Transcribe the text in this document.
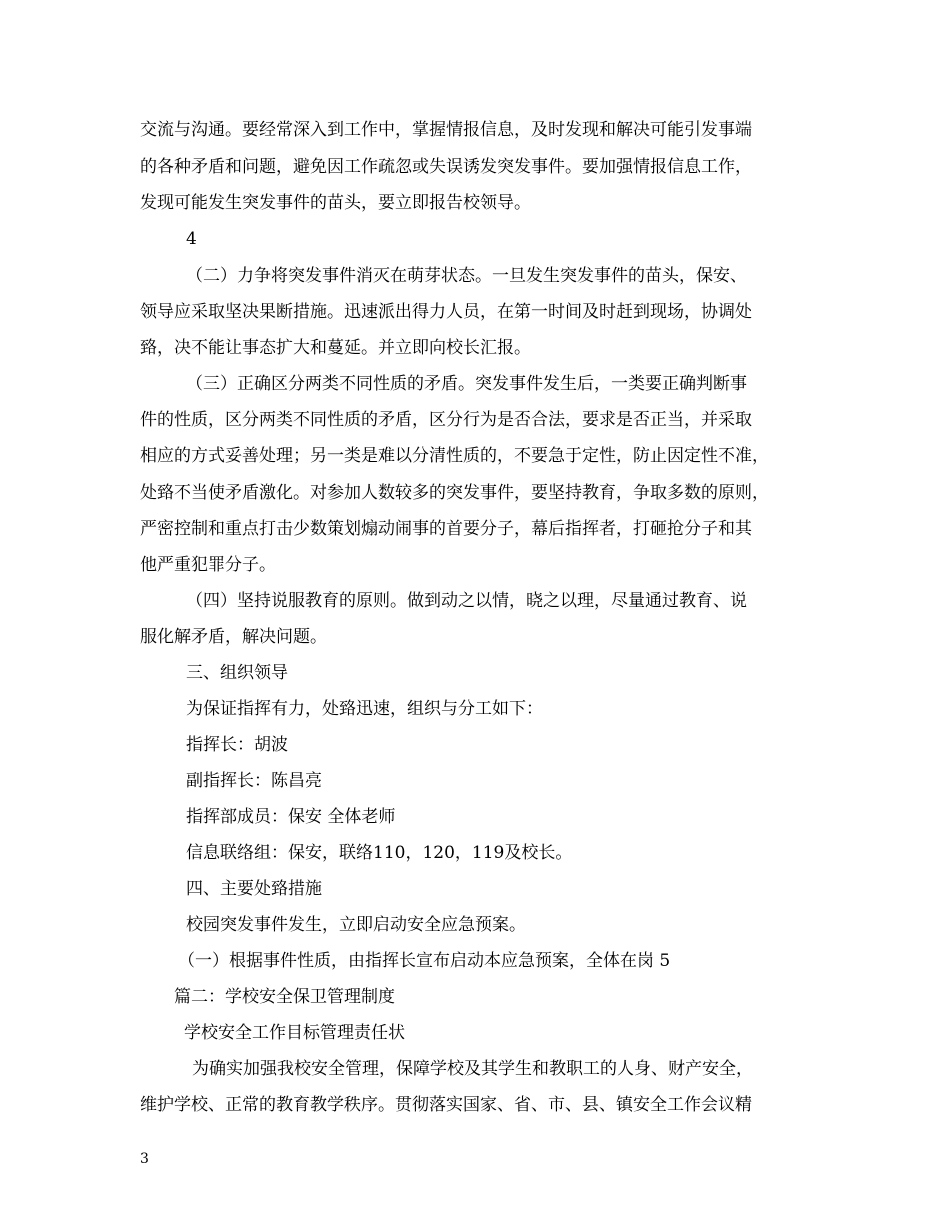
交流与沟通。要经常深入到工作中，掌握情报信息，及时发现和解决可能引发事端
的各种矛盾和问题，避免因工作疏忽或失误诱发突发事件。要加强情报信息工作，
发现可能发生突发事件的苗头，要立即报告校领导。
4
（二）力争将突发事件消灭在萌芽状态。一旦发生突发事件的苗头，保安、
领导应采取坚决果断措施。迅速派出得力人员，在第一时间及时赶到现场，协调处
臵，决不能让事态扩大和蔓延。并立即向校长汇报。
（三）正确区分两类不同性质的矛盾。突发事件发生后，一类要正确判断事
件的性质，区分两类不同性质的矛盾，区分行为是否合法，要求是否正当，并采取
相应的方式妥善处理；另一类是难以分清性质的，不要急于定性，防止因定性不准，
处臵不当使矛盾激化。对参加人数较多的突发事件，要坚持教育，争取多数的原则，
严密控制和重点打击少数策划煽动闹事的首要分子，幕后指挥者，打砸抢分子和其
他严重犯罪分子。
（四）坚持说服教育的原则。做到动之以情，晓之以理，尽量通过教育、说
服化解矛盾，解决问题。
三、组织领导
为保证指挥有力，处臵迅速，组织与分工如下：
指挥长：胡波
副指挥长：陈昌亮
指挥部成员：保安 全体老师
信息联络组：保安，联络110，120，119及校长。
四、主要处臵措施
校园突发事件发生，立即启动安全应急预案。
（一）根据事件性质，由指挥长宣布启动本应急预案，全体在岗 5
篇二：学校安全保卫管理制度
学校安全工作目标管理责任状
为确实加强我校安全管理，保障学校及其学生和教职工的人身、财产安全，
维护学校、正常的教育教学秩序。贯彻落实国家、省、市、县、镇安全工作会议精
3
